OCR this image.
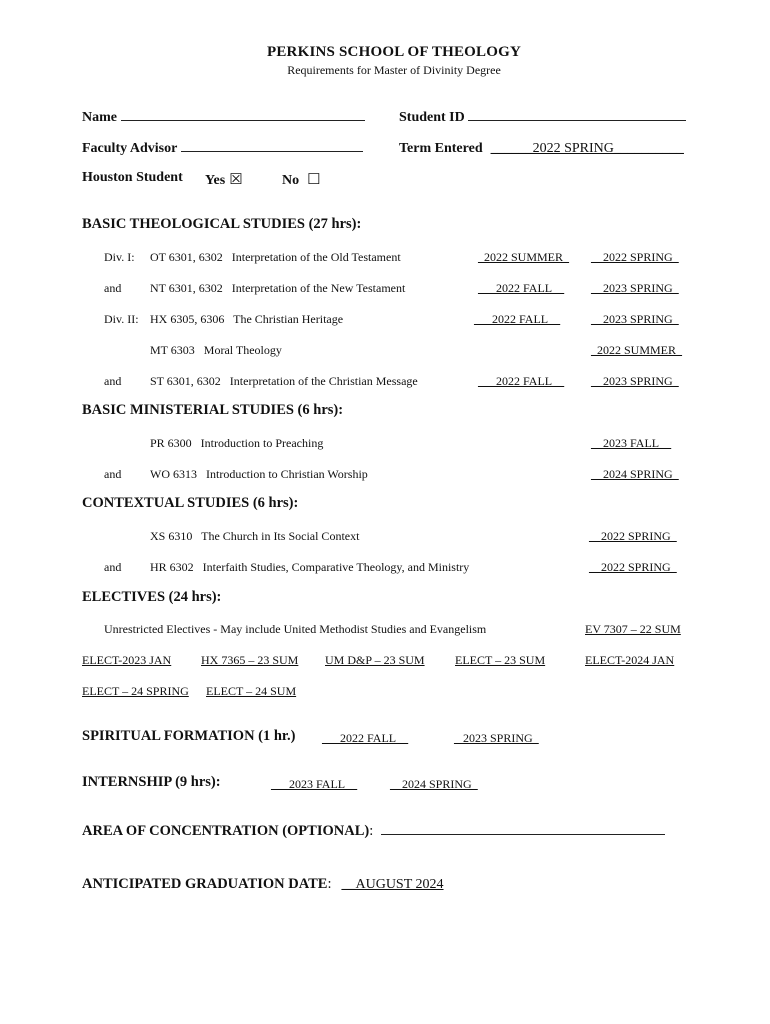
PERKINS SCHOOL OF THEOLOGY
Requirements for Master of Divinity Degree
Name	Student ID
Faculty Advisor	Term Entered ______2022 SPRING__________
Houston Student Yes ☒	No ☐
BASIC THEOLOGICAL STUDIES (27 hrs):
Div. I: OT 6301, 6302   Interpretation of the Old Testament	_2022 SUMMER_ __2022 SPRING_
and NT 6301, 6302   Interpretation of the New Testament	___2022 FALL__ __2023 SPRING_
Div. II: HX 6305, 6306   The Christian Heritage	___2022 FALL__	__2023 SPRING_
MT 6303   Moral Theology	_2022 SUMMER_
and ST 6301, 6302   Interpretation of the Christian Message	___2022 FALL__ __2023 SPRING_
BASIC MINISTERIAL STUDIES (6 hrs):
PR 6300   Introduction to Preaching	__2023 FALL__
and WO 6313   Introduction to Christian Worship	__2024 SPRING_
CONTEXTUAL STUDIES (6 hrs):
XS 6310   The Church in Its Social Context	__2022 SPRING_
and HR 6302   Interfaith Studies, Comparative Theology, and Ministry	__2022 SPRING_
ELECTIVES (24 hrs):
Unrestricted Electives - May include United Methodist Studies and Evangelism	EV 7307 – 22 SUM
ELECT-2023 JAN HX 7365 – 23 SUM UM D&P – 23 SUM	ELECT – 23 SUM	ELECT-2024 JAN
ELECT – 24 SPRING ELECT – 24 SUM
SPIRITUAL FORMATION (1 hr.) ___2022 FALL__	_ 2023 SPRING_
INTERNSHIP (9 hrs):	___2023 FALL__	__2024 SPRING_
AREA OF CONCENTRATION (OPTIONAL):
ANTICIPATED GRADUATION DATE: __AUGUST 2024
